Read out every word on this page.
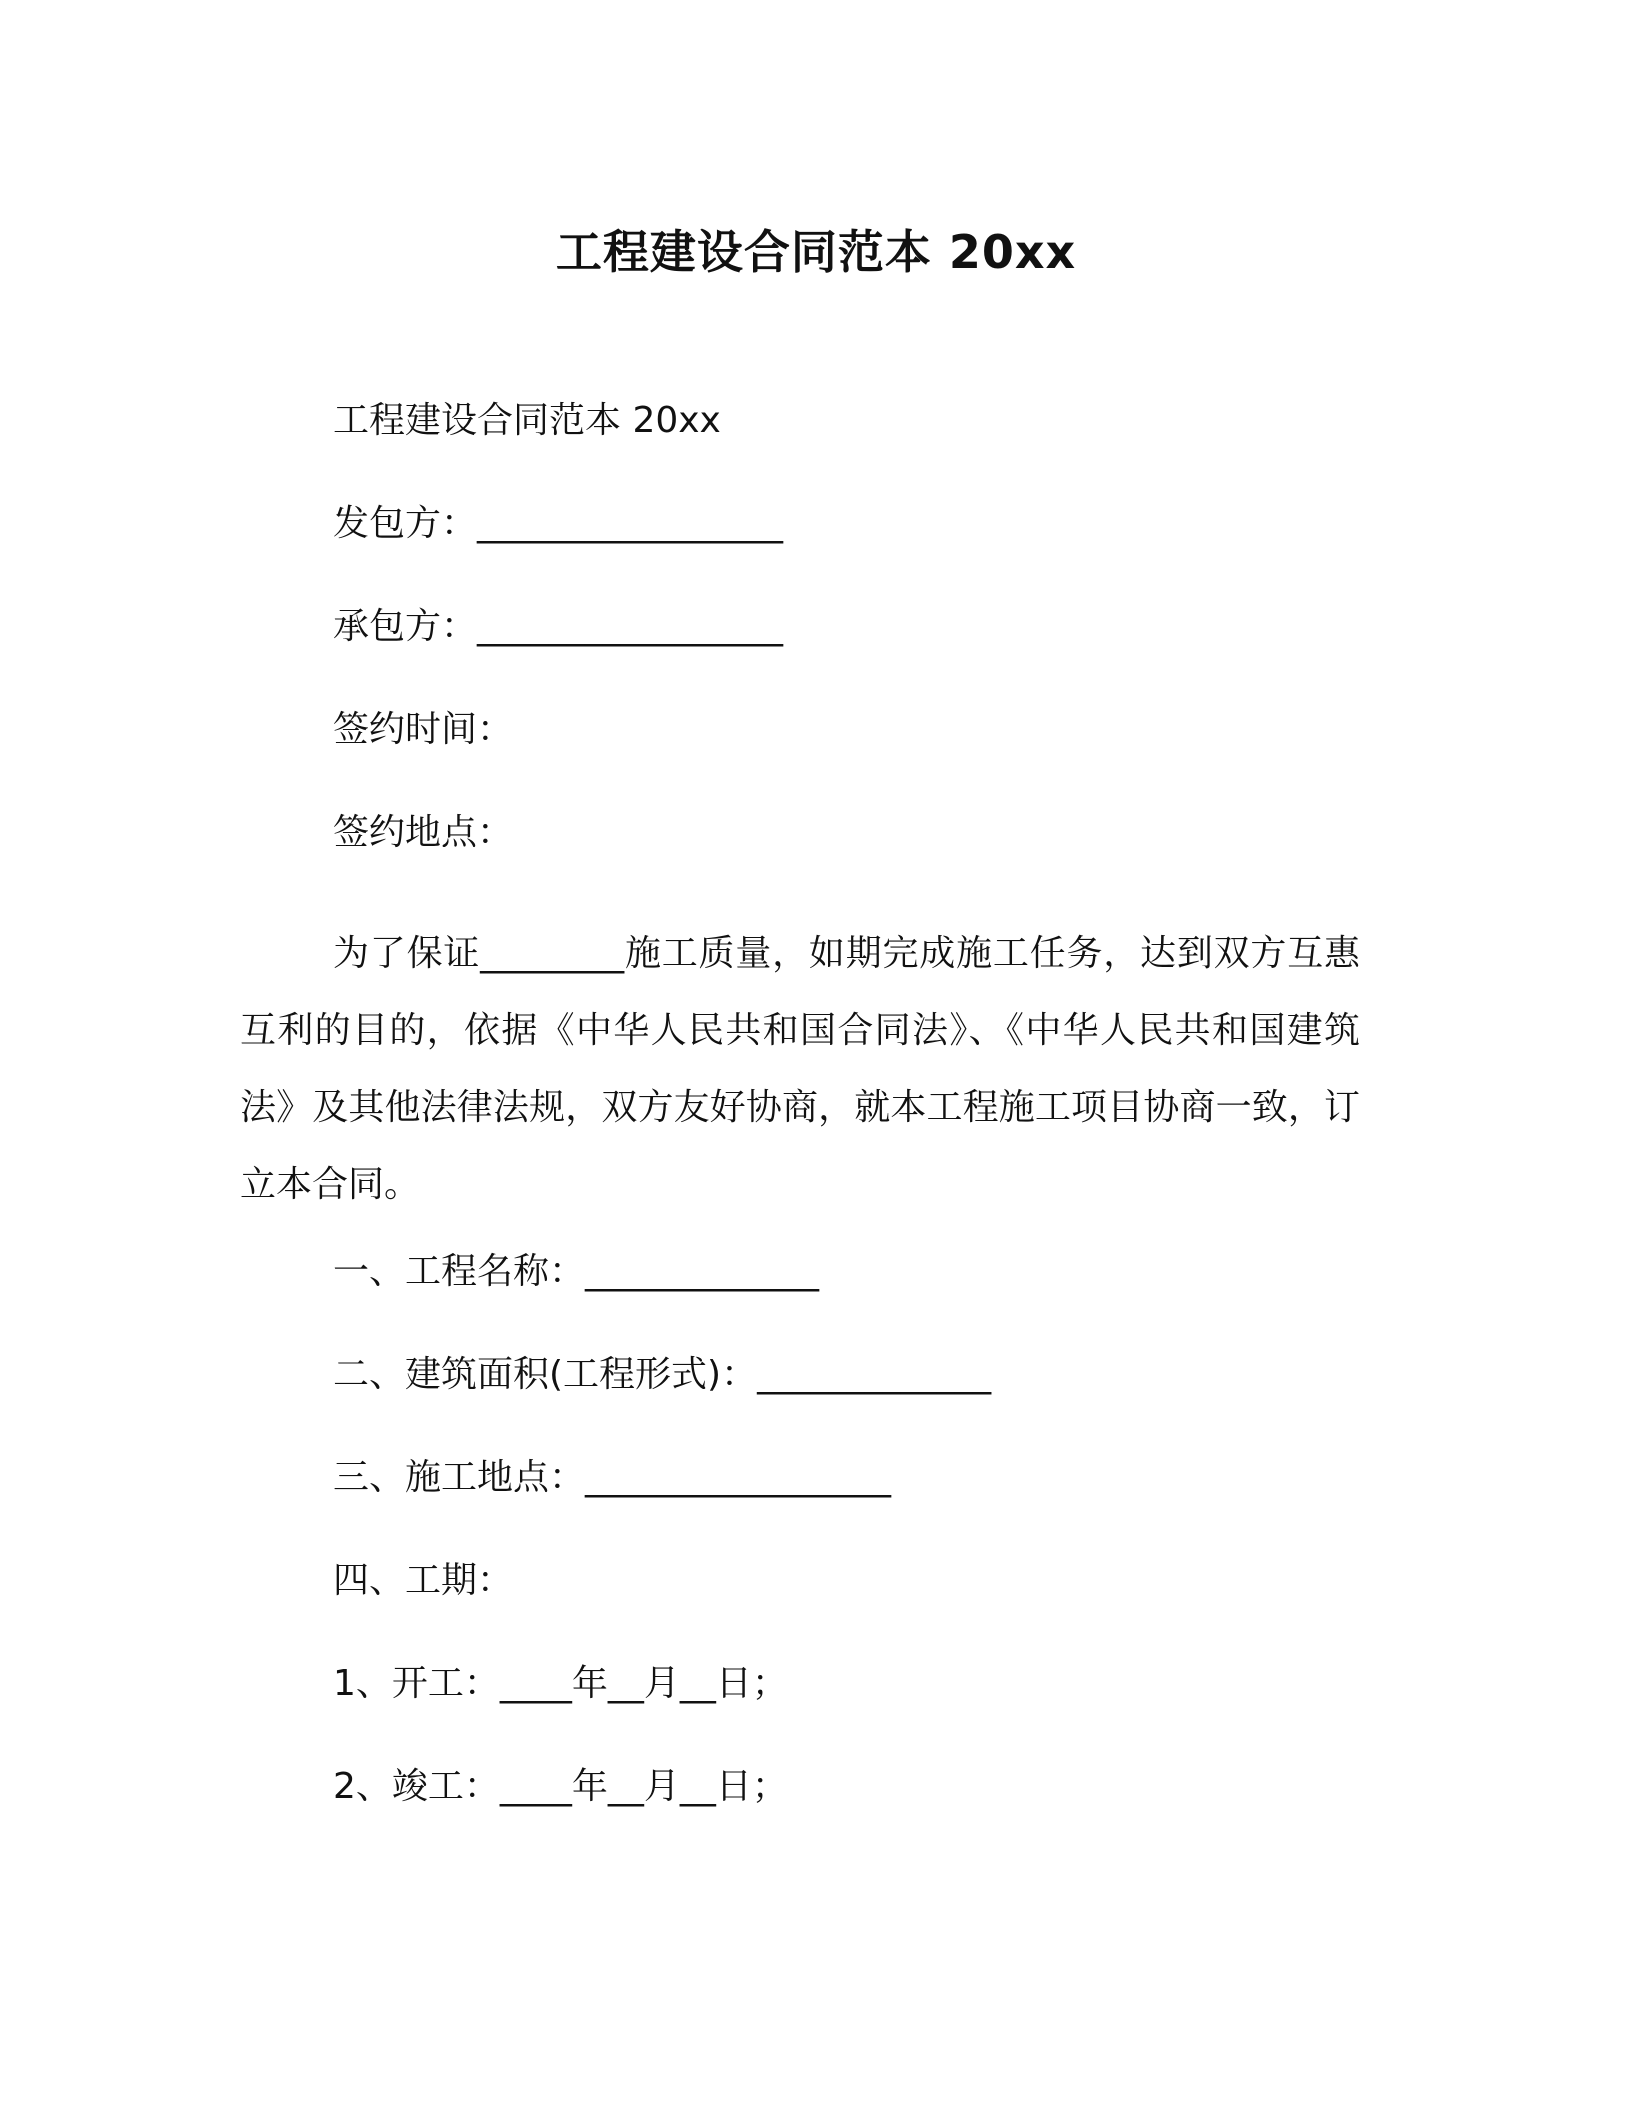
工程建设合同范本 20xx

工程建设合同范本 20xx

发包方：_________________

承包方：_________________

签约时间：

签约地点：

为了保证________施工质量，如期完成施工任务，达到双方互惠互利的目的，依据《中华人民共和国合同法》、《中华人民共和国建筑法》及其他法律法规，双方友好协商，就本工程施工项目协商一致，订立本合同。

一、工程名称：_____________

二、建筑面积(工程形式)：_____________

三、施工地点：_________________

四、工期：

1、开工：____年__月__日；

2、竣工：____年__月__日；
